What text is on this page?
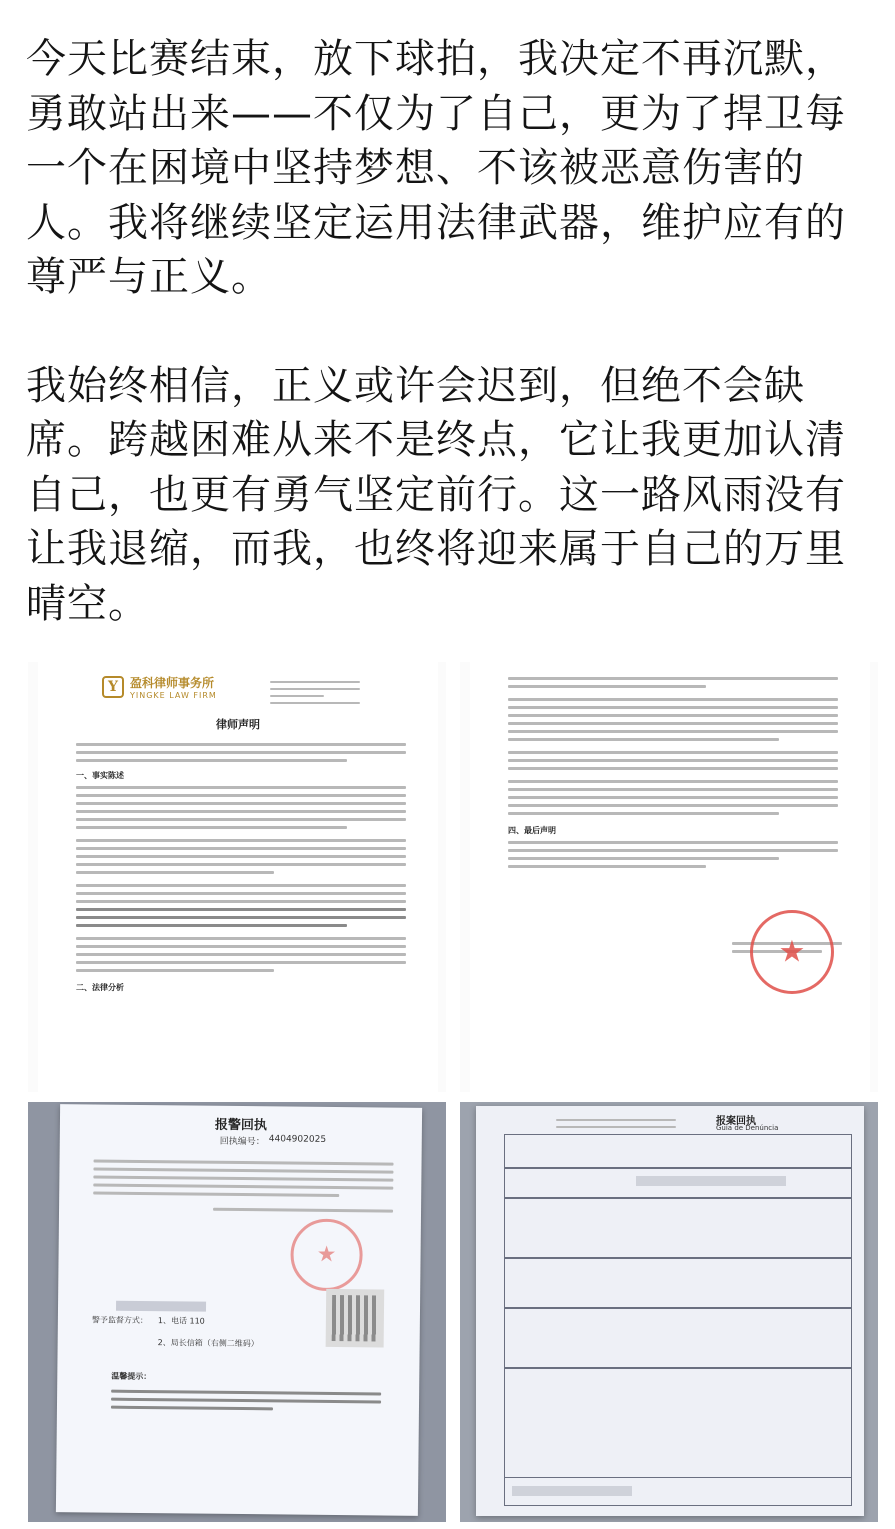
今天比赛结束，放下球拍，我决定不再沉默，勇敢站出来——不仅为了自己，更为了捍卫每一个在困境中坚持梦想、不该被恶意伤害的人。我将继续坚定运用法律武器，维护应有的尊严与正义。

我始终相信，正义或许会迟到，但绝不会缺席。跨越困难从来不是终点，它让我更加认清自己，也更有勇气坚定前行。这一路风雨没有让我退缩，而我，也终将迎来属于自己的万里晴空。

Y	盈科律师事务所
YINGKE LAW FIRM
律师声明
一、事实陈述
二、法律分析
四、最后声明
★
报警回执
回执编号： 4404902025
★
警予监督方式： 1、电话 110
2、局长信箱（右侧二维码）
温馨提示：
报案回执
Guia de Denúncia
